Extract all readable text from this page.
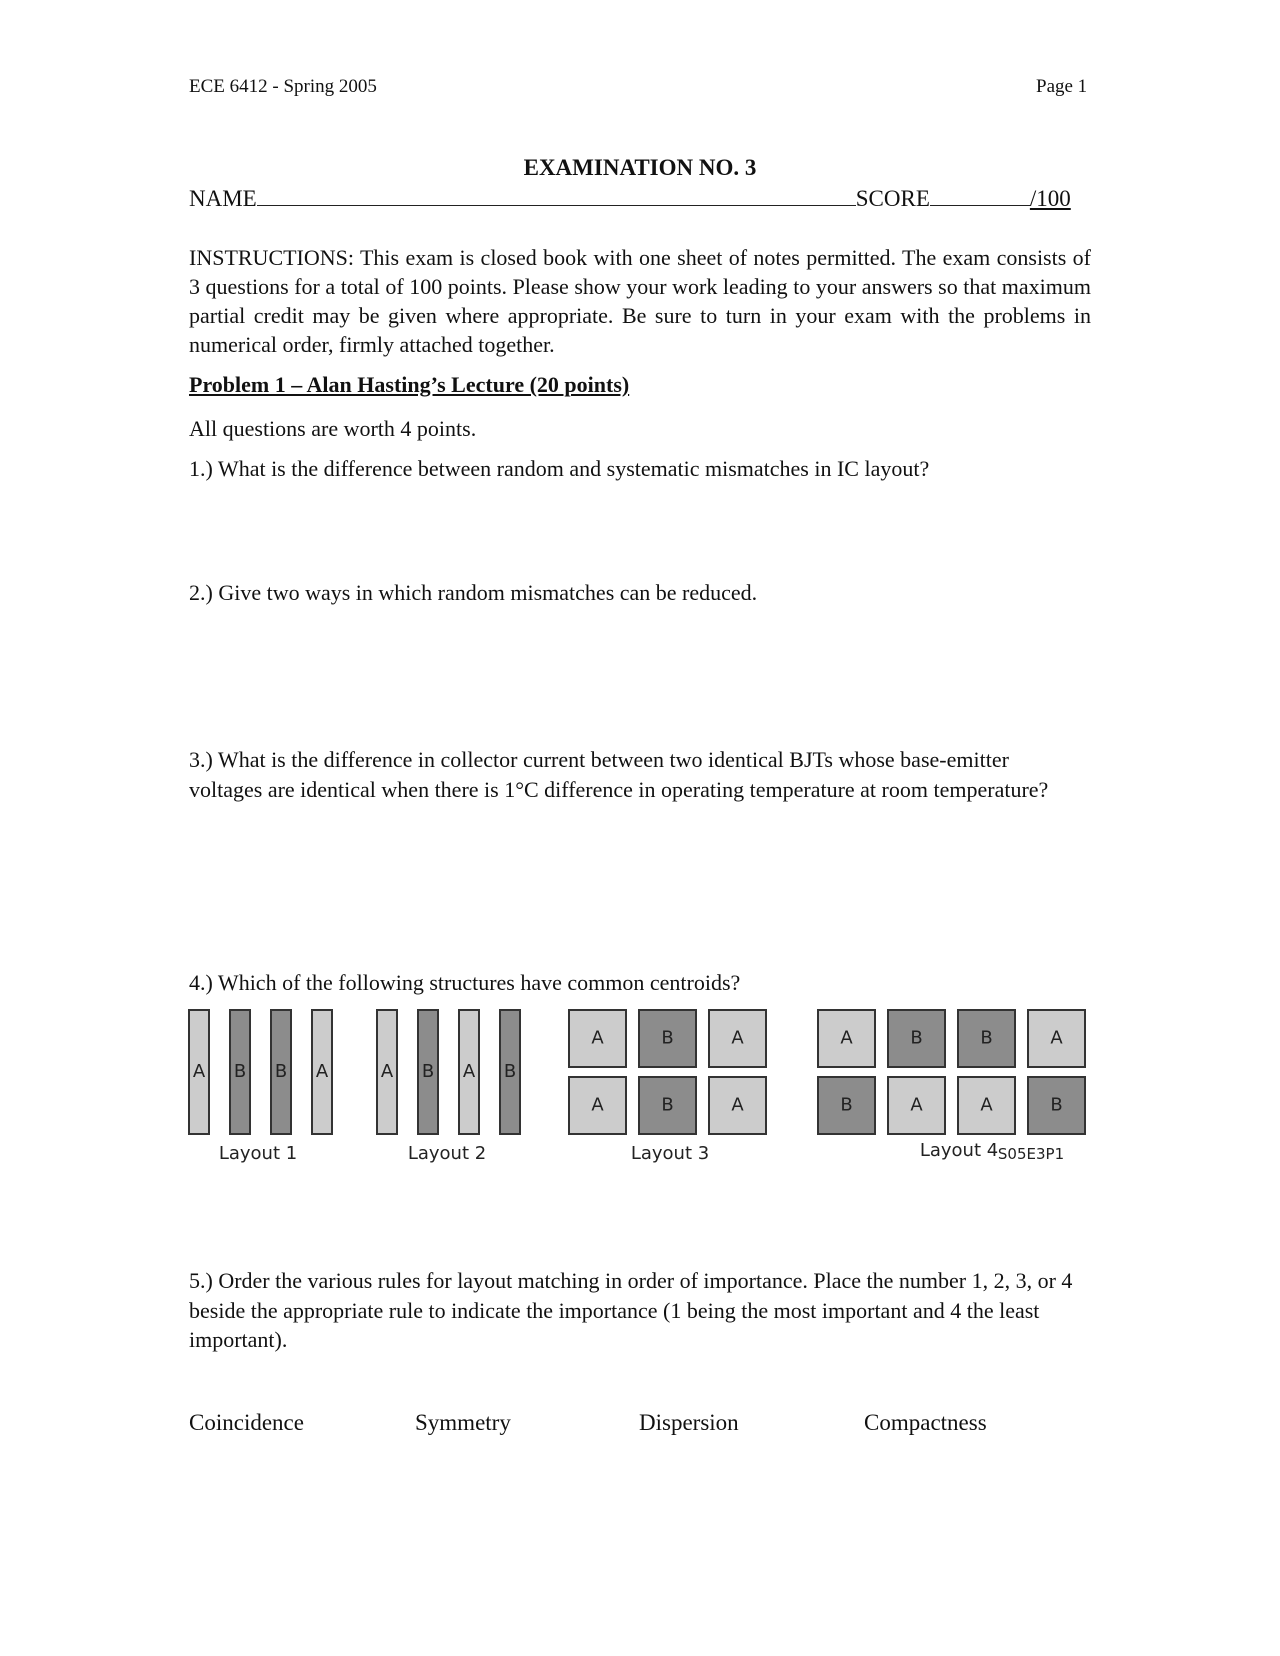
ECE 6412 - Spring 2005	Page 1
EXAMINATION NO. 3
NAME	SCORE	/100
INSTRUCTIONS: This exam is closed book with one sheet of notes permitted. The exam consists of 3 questions for a total of 100 points. Please show your work leading to your answers so that maximum partial credit may be given where appropriate. Be sure to turn in your exam with the problems in numerical order, firmly attached together.
Problem 1 – Alan Hasting’s Lecture (20 points)
All questions are worth 4 points.
1.) What is the difference between random and systematic mismatches in IC layout?
2.) Give two ways in which random mismatches can be reduced.
3.) What is the difference in collector current between two identical BJTs whose base-emitter voltages are identical when there is 1°C difference in operating temperature at room temperature?
4.) Which of the following structures have common centroids?
A B B A	A B A B
A	B	A
A	B	A
A	B	B	A
B	A	A	B
Layout 1	Layout 2	Layout 3	Layout 4 S05E3P1
5.) Order the various rules for layout matching in order of importance. Place the number 1, 2, 3, or 4 beside the appropriate rule to indicate the importance (1 being the most important and 4 the least important).
Coincidence	Symmetry	Dispersion	Compactness
